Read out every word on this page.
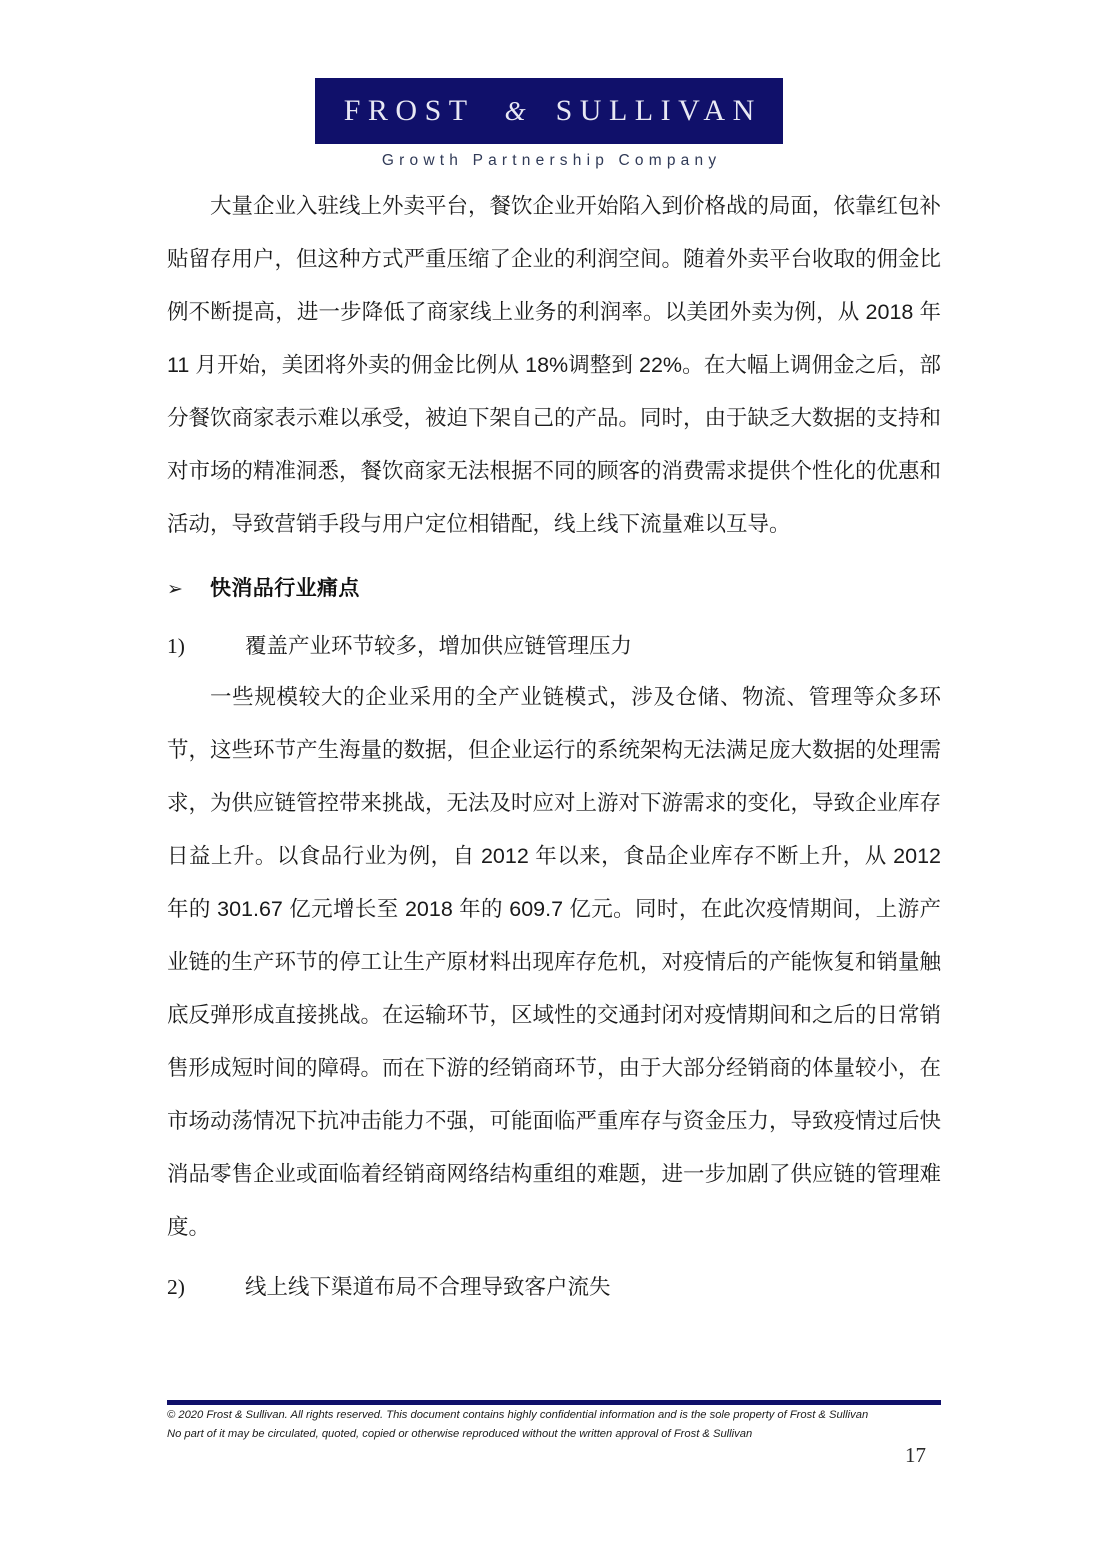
FROST & SULLIVAN
Growth Partnership Company

大量企业入驻线上外卖平台，餐饮企业开始陷入到价格战的局面，依靠红包补贴留存用户，但这种方式严重压缩了企业的利润空间。随着外卖平台收取的佣金比例不断提高，进一步降低了商家线上业务的利润率。以美团外卖为例，从 2018 年 11 月开始，美团将外卖的佣金比例从 18%调整到 22%。在大幅上调佣金之后，部分餐饮商家表示难以承受，被迫下架自己的产品。同时，由于缺乏大数据的支持和对市场的精准洞悉，餐饮商家无法根据不同的顾客的消费需求提供个性化的优惠和活动，导致营销手段与用户定位相错配，线上线下流量难以互导。

➢	快消品行业痛点
1)	覆盖产业环节较多，增加供应链管理压力

一些规模较大的企业采用的全产业链模式，涉及仓储、物流、管理等众多环节，这些环节产生海量的数据，但企业运行的系统架构无法满足庞大数据的处理需求，为供应链管控带来挑战，无法及时应对上游对下游需求的变化，导致企业库存日益上升。以食品行业为例，自 2012 年以来，食品企业库存不断上升，从 2012 年的 301.67 亿元增长至 2018 年的 609.7 亿元。同时，在此次疫情期间，上游产业链的生产环节的停工让生产原材料出现库存危机，对疫情后的产能恢复和销量触底反弹形成直接挑战。在运输环节，区域性的交通封闭对疫情期间和之后的日常销售形成短时间的障碍。而在下游的经销商环节，由于大部分经销商的体量较小，在市场动荡情况下抗冲击能力不强，可能面临严重库存与资金压力，导致疫情过后快消品零售企业或面临着经销商网络结构重组的难题，进一步加剧了供应链的管理难度。

2)	线上线下渠道布局不合理导致客户流失
© 2020 Frost & Sullivan. All rights reserved. This document contains highly confidential information and is the sole property of Frost & Sullivan
No part of it may be circulated, quoted, copied or otherwise reproduced without the written approval of Frost & Sullivan
17
